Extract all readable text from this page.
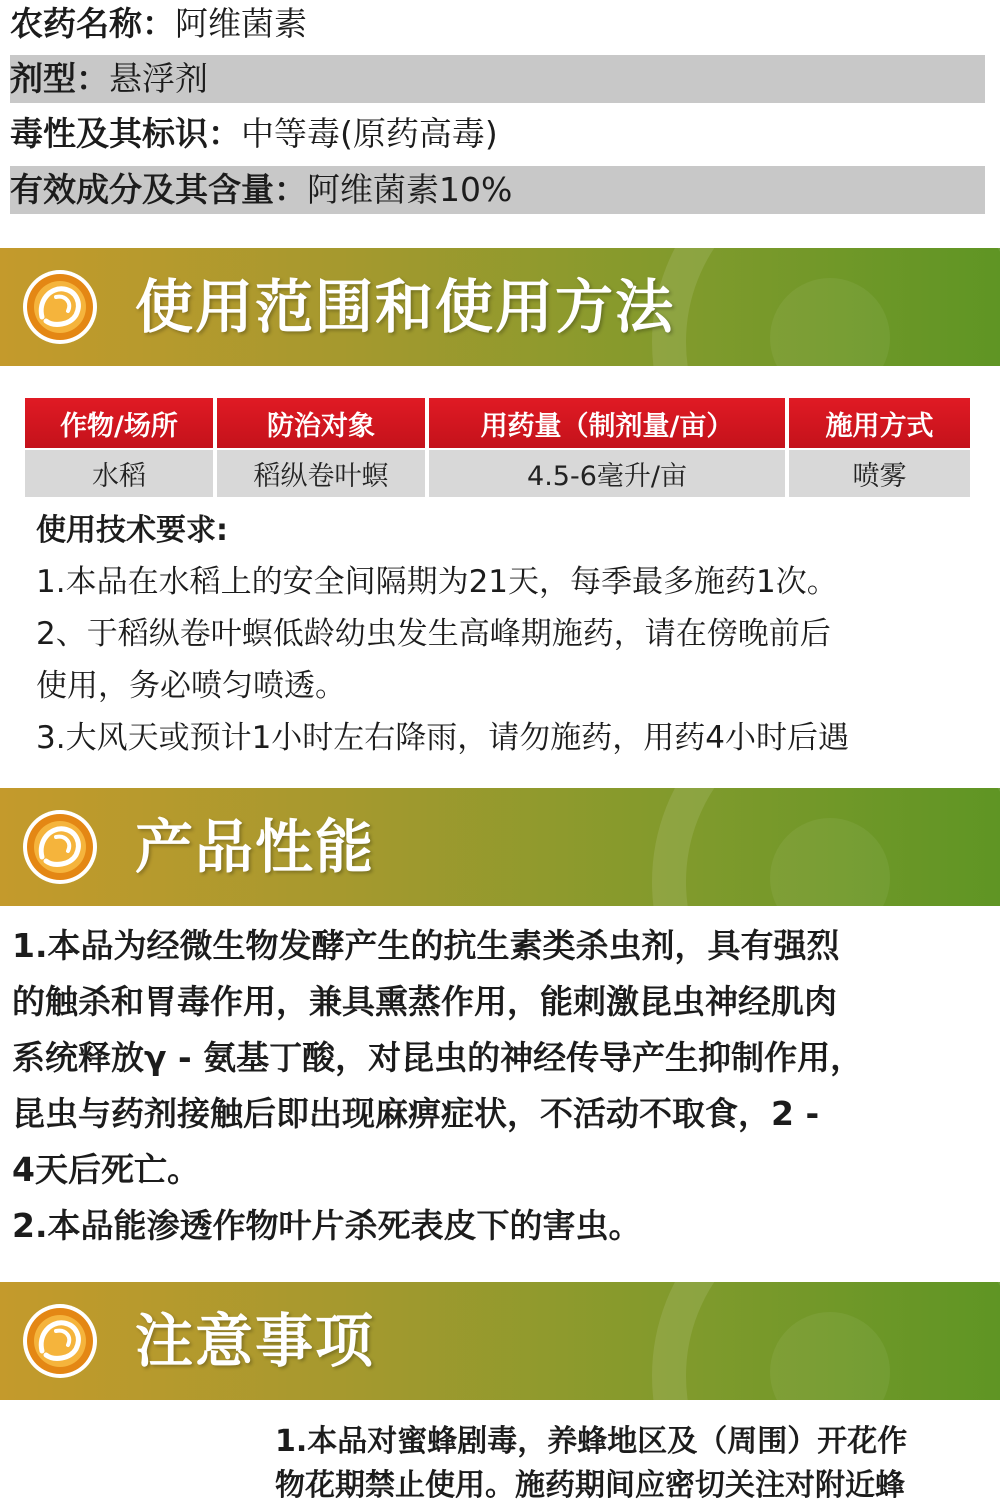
农药名称：阿维菌素
剂型：悬浮剂
毒性及其标识：中等毒(原药高毒)
有效成分及其含量：阿维菌素10%
使用范围和使用方法
作物/场所	防治对象	用药量（制剂量/亩）	施用方式
水稻	稻纵卷叶螟	4.5-6毫升/亩	喷雾
使用技术要求:
1.本品在水稻上的安全间隔期为21天，每季最多施药1次。
2、于稻纵卷叶螟低龄幼虫发生高峰期施药，请在傍晚前后
使用，务必喷匀喷透。
3.大风天或预计1小时左右降雨，请勿施药，用药4小时后遇
产品性能
1.本品为经微生物发酵产生的抗生素类杀虫剂，具有强烈
的触杀和胃毒作用，兼具熏蒸作用，能刺激昆虫神经肌肉
系统释放γ - 氨基丁酸，对昆虫的神经传导产生抑制作用，
昆虫与药剂接触后即出现麻痹症状，不活动不取食，2 -
4天后死亡。
2.本品能渗透作物叶片杀死表皮下的害虫。
注意事项
1.本品对蜜蜂剧毒，养蜂地区及（周围）开花作
物花期禁止使用。施药期间应密切关注对附近蜂
